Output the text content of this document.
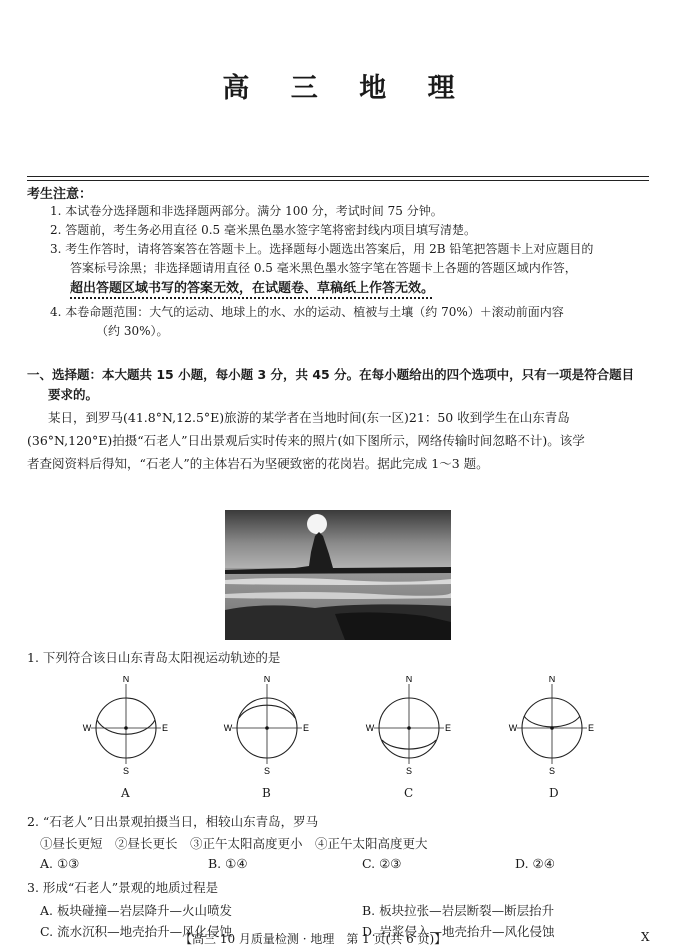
高 三 地 理
考生注意：
1. 本试卷分选择题和非选择题两部分。满分 100 分，考试时间 75 分钟。
2. 答题前，考生务必用直径 0.5 毫米黑色墨水签字笔将密封线内项目填写清楚。
3. 考生作答时，请将答案答在答题卡上。选择题每小题选出答案后，用 2B 铅笔把答题卡上对应题目的
答案标号涂黑；非选择题请用直径 0.5 毫米黑色墨水签字笔在答题卡上各题的答题区域内作答，
超出答题区域书写的答案无效，在试题卷、草稿纸上作答无效。
4. 本卷命题范围：大气的运动、地球上的水、水的运动、植被与土壤（约 70%）＋滚动前面内容
（约 30%）。
一、选择题：本大题共 15 小题，每小题 3 分，共 45 分。在每小题给出的四个选项中，只有一项是符合题目
要求的。
某日，到罗马(41.8°N,12.5°E)旅游的某学者在当地时间(东一区)21：50 收到学生在山东青岛
(36°N,120°E)拍摄“石老人”日出景观后实时传来的照片(如下图所示，网络传输时间忽略不计)。该学
者查阅资料后得知，“石老人”的主体岩石为坚硬致密的花岗岩。据此完成 1～3 题。
1. 下列符合该日山东青岛太阳视运动轨迹的是
N
S
W	E
A
N
S
W	E
B
N
S
W	E
C
N
S
W	E
D
2. “石老人”日出景观拍摄当日，相较山东青岛，罗马
①昼长更短　②昼长更长　③正午太阳高度更小　④正午太阳高度更大
A. ①③	B. ①④	C. ②③	D. ②④
3. 形成“石老人”景观的地质过程是
A. 板块碰撞—岩层降升—火山喷发	B. 板块拉张—岩层断裂—断层抬升
C. 流水沉积—地壳抬升—风化侵蚀	D. 岩浆侵入—地壳抬升—风化侵蚀
【高三 10 月质量检测 · 地理　第 1 页(共 6 页)】	X
